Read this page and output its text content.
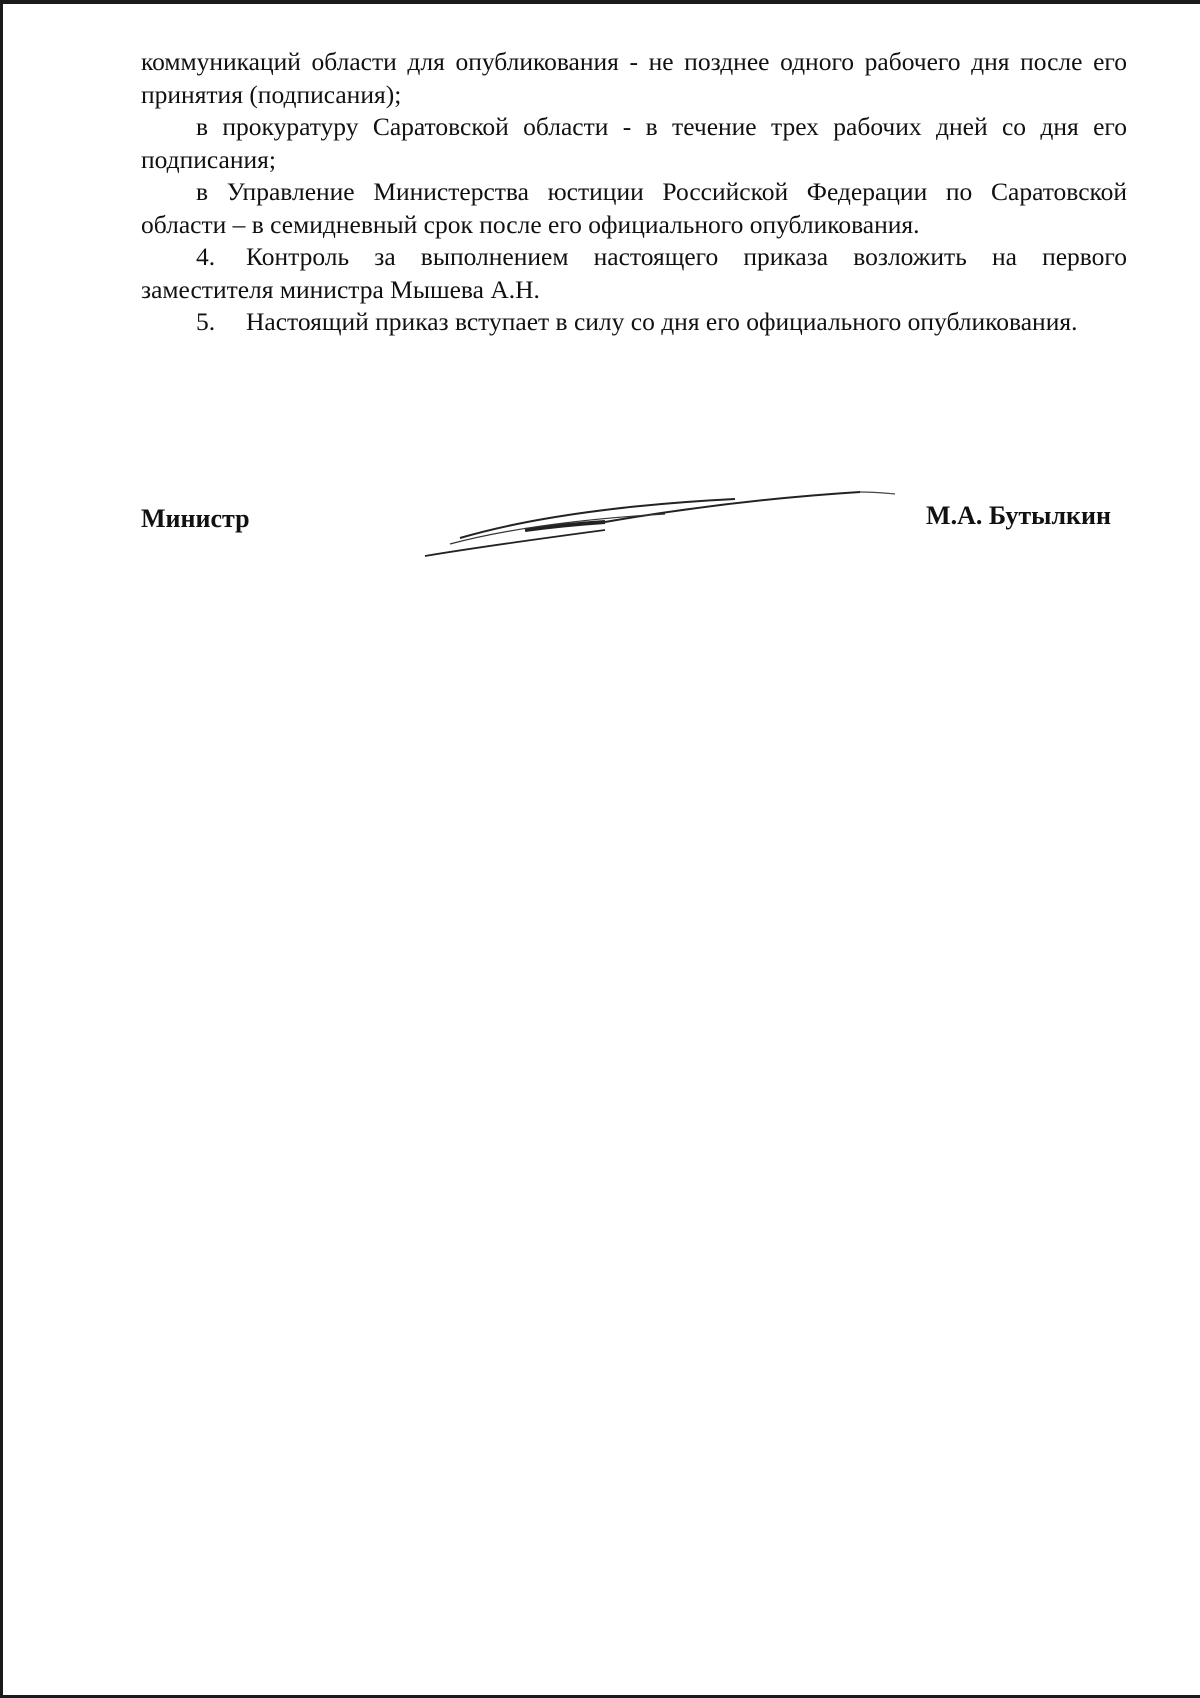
коммуникаций области для опубликования - не позднее одного рабочего дня после его принятия (подписания);

в прокуратуру Саратовской области - в течение трех рабочих дней со дня его подписания;

в Управление Министерства юстиции Российской Федерации по Саратовской области – в семидневный срок после его официального опубликования.

4. Контроль за выполнением настоящего приказа возложить на первого заместителя министра Мышева А.Н.

5. Настоящий приказ вступает в силу со дня его официального опубликования.

Министр	М.А. Бутылкин
